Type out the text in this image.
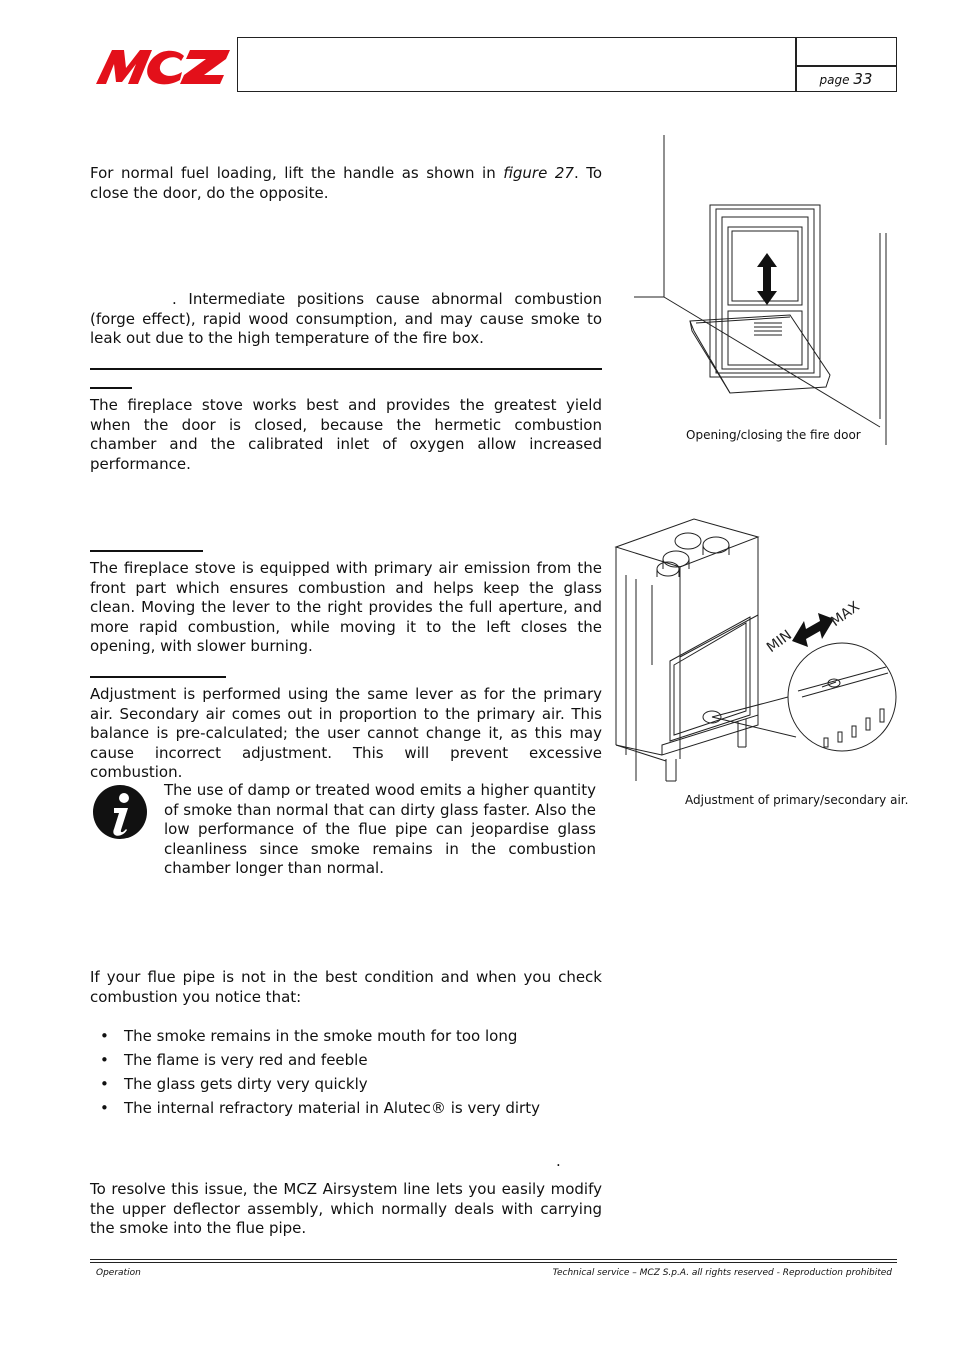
page 33

For normal fuel loading, lift the handle as shown in figure 27. To close the door, do the opposite.

. Intermediate positions cause abnormal combustion (forge effect), rapid wood consumption, and may cause smoke to leak out due to the high temperature of the fire box.

The fireplace stove works best and provides the greatest yield when the door is closed, because the hermetic combustion chamber and the calibrated inlet of oxygen allow increased performance.

Opening/closing the fire door

The fireplace stove is equipped with primary air emission from the front part which ensures combustion and helps keep the glass clean. Moving the lever to the right provides the full aperture, and more rapid combustion, while moving it to the left closes the opening, with slower burning.

Adjustment is performed using the same lever as for the primary air. Secondary air comes out in proportion to the primary air. This balance is pre-calculated; the user cannot change it, as this may cause incorrect adjustment. This will prevent excessive combustion.

The use of damp or treated wood emits a higher quantity of smoke than normal that can dirty glass faster. Also the low performance of the flue pipe can jeopardise glass cleanliness since smoke remains in the combustion chamber longer than normal.

MIN
MAX
Adjustment of primary/secondary air.

If your flue pipe is not in the best condition and when you check combustion you notice that:

• The smoke remains in the smoke mouth for too long
• The flame is very red and feeble
• The glass gets dirty very quickly
• The internal refractory material in Alutec® is very dirty
.

To resolve this issue, the MCZ Airsystem line lets you easily modify the upper deflector assembly, which normally deals with carrying the smoke into the flue pipe.

Operation	Technical service – MCZ S.p.A. all rights reserved - Reproduction prohibited
